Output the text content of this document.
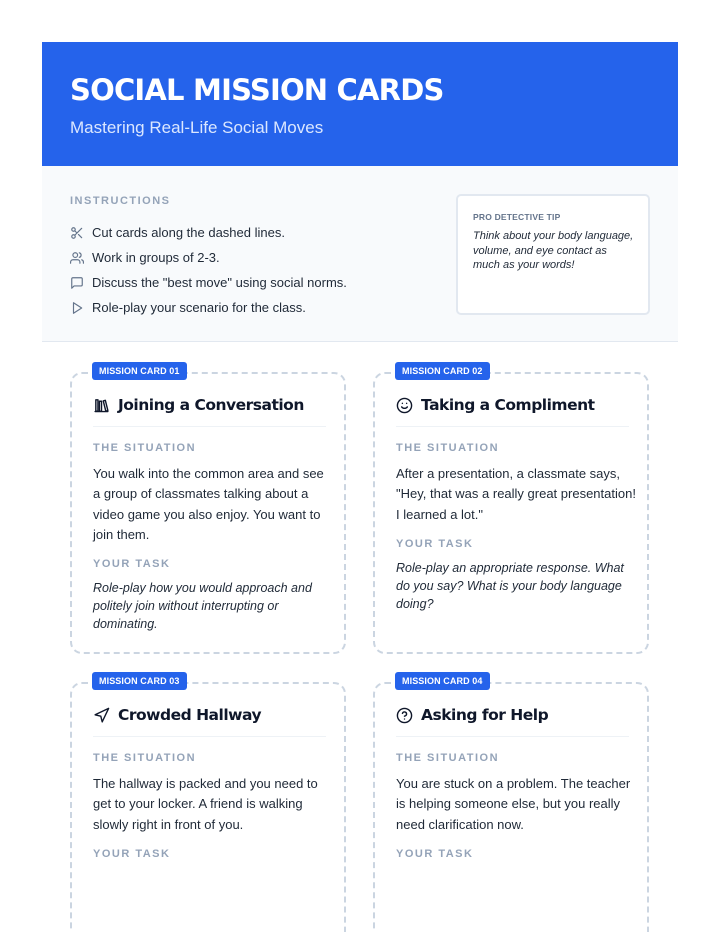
SOCIAL MISSION CARDS
Mastering Real-Life Social Moves
INSTRUCTIONS
Cut cards along the dashed lines.
Work in groups of 2-3.
Discuss the "best move" using social norms.
Role-play your scenario for the class.
PRO DETECTIVE TIP
Think about your body language, volume, and eye contact as much as your words!
MISSION CARD 01
Joining a Conversation
THE SITUATION
You walk into the common area and see a group of classmates talking about a video game you also enjoy. You want to join them.
YOUR TASK
Role-play how you would approach and politely join without interrupting or dominating.
MISSION CARD 02
Taking a Compliment
THE SITUATION
After a presentation, a classmate says, "Hey, that was a really great presentation! I learned a lot."
YOUR TASK
Role-play an appropriate response. What do you say? What is your body language doing?
MISSION CARD 03
Crowded Hallway
THE SITUATION
The hallway is packed and you need to get to your locker. A friend is walking slowly right in front of you.
YOUR TASK
MISSION CARD 04
Asking for Help
THE SITUATION
You are stuck on a problem. The teacher is helping someone else, but you really need clarification now.
YOUR TASK
